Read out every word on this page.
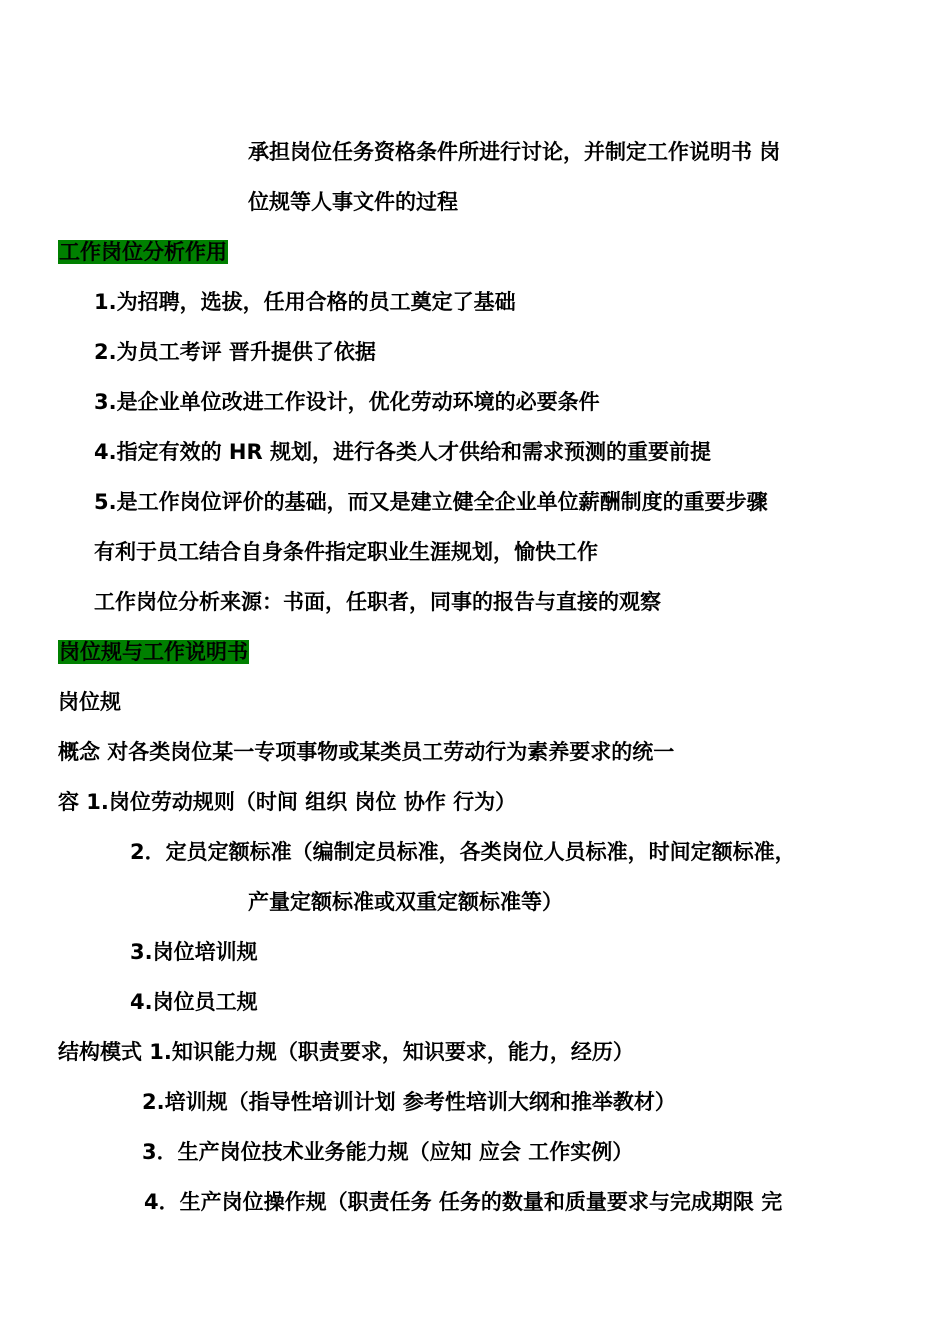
承担岗位任务资格条件所进行讨论，并制定工作说明书 岗
位规等人事文件的过程
工作岗位分析作用
1.为招聘，选拔，任用合格的员工奠定了基础
2.为员工考评 晋升提供了依据
3.是企业单位改进工作设计，优化劳动环境的必要条件
4.指定有效的 HR 规划，进行各类人才供给和需求预测的重要前提
5.是工作岗位评价的基础，而又是建立健全企业单位薪酬制度的重要步骤
有利于员工结合自身条件指定职业生涯规划，愉快工作
工作岗位分析来源：书面，任职者，同事的报告与直接的观察
岗位规与工作说明书
岗位规
概念 对各类岗位某一专项事物或某类员工劳动行为素养要求的统一
容 1.岗位劳动规则（时间 组织 岗位 协作 行为）
2．定员定额标准（编制定员标准，各类岗位人员标准，时间定额标准，
产量定额标准或双重定额标准等）
3.岗位培训规
4.岗位员工规
结构模式 1.知识能力规（职责要求，知识要求，能力，经历）
2.培训规（指导性培训计划 参考性培训大纲和推举教材）
3．生产岗位技术业务能力规（应知 应会 工作实例）
4．生产岗位操作规（职责任务 任务的数量和质量要求与完成期限 完
